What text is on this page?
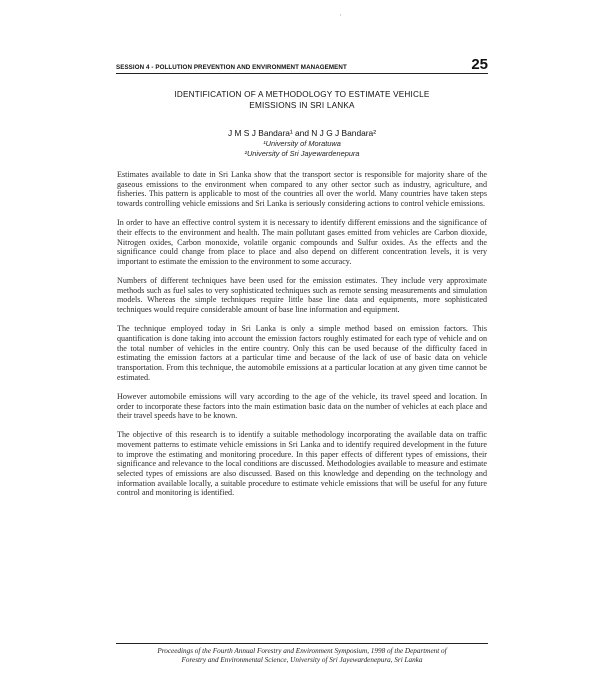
·
SESSION 4 - POLLUTION PREVENTION AND ENVIRONMENT MANAGEMENT	25
IDENTIFICATION OF A METHODOLOGY TO ESTIMATE VEHICLE
EMISSIONS IN SRI LANKA
J M S J Bandara¹ and N J G J Bandara²
¹University of Moratuwa
²University of Sri Jayewardenepura

Estimates available to date in Sri Lanka show that the transport sector is responsible for majority share of the gaseous emissions to the environment when compared to any other sector such as industry, agriculture, and fisheries. This pattern is applicable to most of the countries all over the world. Many countries have taken steps towards controlling vehicle emissions and Sri Lanka is seriously considering actions to control vehicle emissions.

In order to have an effective control system it is necessary to identify different emissions and the significance of their effects to the environment and health. The main pollutant gases emitted from vehicles are Carbon dioxide, Nitrogen oxides, Carbon monoxide, volatile organic compounds and Sulfur oxides. As the effects and the significance could change from place to place and also depend on different concentration levels, it is very important to estimate the emission to the environment to some accuracy.

Numbers of different techniques have been used for the emission estimates. They include very approximate methods such as fuel sales to very sophisticated techniques such as remote sensing measurements and simulation models. Whereas the simple techniques require little base line data and equipments, more sophisticated techniques would require considerable amount of base line information and equipment.

The technique employed today in Sri Lanka is only a simple method based on emission factors. This quantification is done taking into account the emission factors roughly estimated for each type of vehicle and on the total number of vehicles in the entire country. Only this can be used because of the difficulty faced in estimating the emission factors at a particular time and because of the lack of use of basic data on vehicle transportation. From this technique, the automobile emissions at a particular location at any given time cannot be estimated.

However automobile emissions will vary according to the age of the vehicle, its travel speed and location. In order to incorporate these factors into the main estimation basic data on the number of vehicles at each place and their travel speeds have to be known.

The objective of this research is to identify a suitable methodology incorporating the available data on traffic movement patterns to estimate vehicle emissions in Sri Lanka and to identify required development in the future to improve the estimating and monitoring procedure. In this paper effects of different types of emissions, their significance and relevance to the local conditions are discussed. Methodologies available to measure and estimate selected types of emissions are also discussed. Based on this knowledge and depending on the technology and information available locally, a suitable procedure to estimate vehicle emissions that will be useful for any future control and monitoring is identified.

Proceedings of the Fourth Annual Forestry and Environment Symposium, 1998 of the Department of
Forestry and Environmental Science, University of Sri Jayewardenepura, Sri Lanka
